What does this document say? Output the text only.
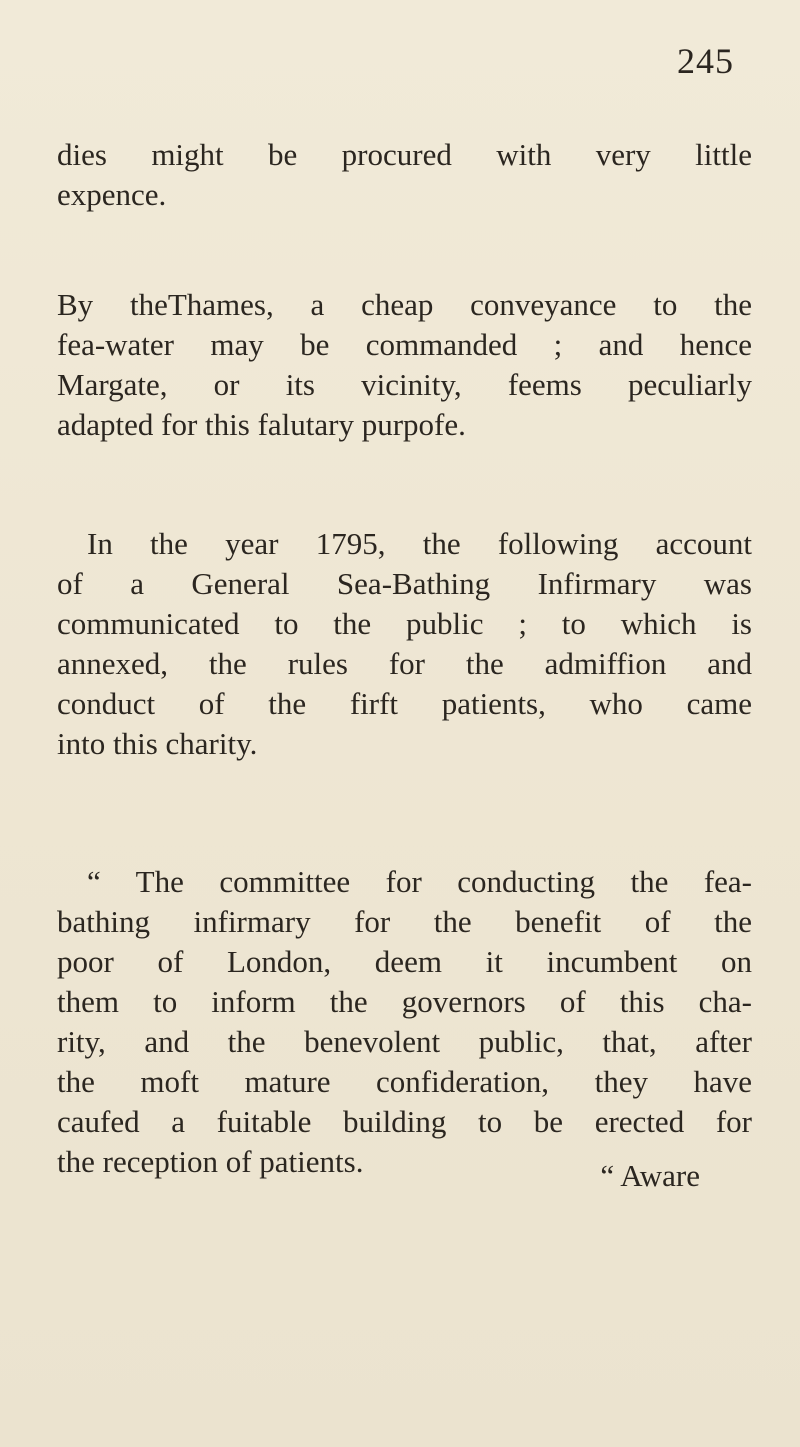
245
dies might be procured with very little
expence.
By theThames, a cheap conveyance to the
fea-water may be commanded ; and hence
Margate, or its vicinity, feems peculiarly
adapted for this falutary purpofe.
In the year 1795, the following account
of a General Sea-Bathing Infirmary was
communicated to the public ; to which is
annexed, the rules for the admiffion and
conduct of the firft patients, who came
into this charity.
“ The committee for conducting the fea-
bathing infirmary for the benefit of the
poor of London, deem it incumbent on
them to inform the governors of this cha-
rity, and the benevolent public, that, after
the moft mature confideration, they have
caufed a fuitable building to be erected for
the reception of patients.	“ Aware
